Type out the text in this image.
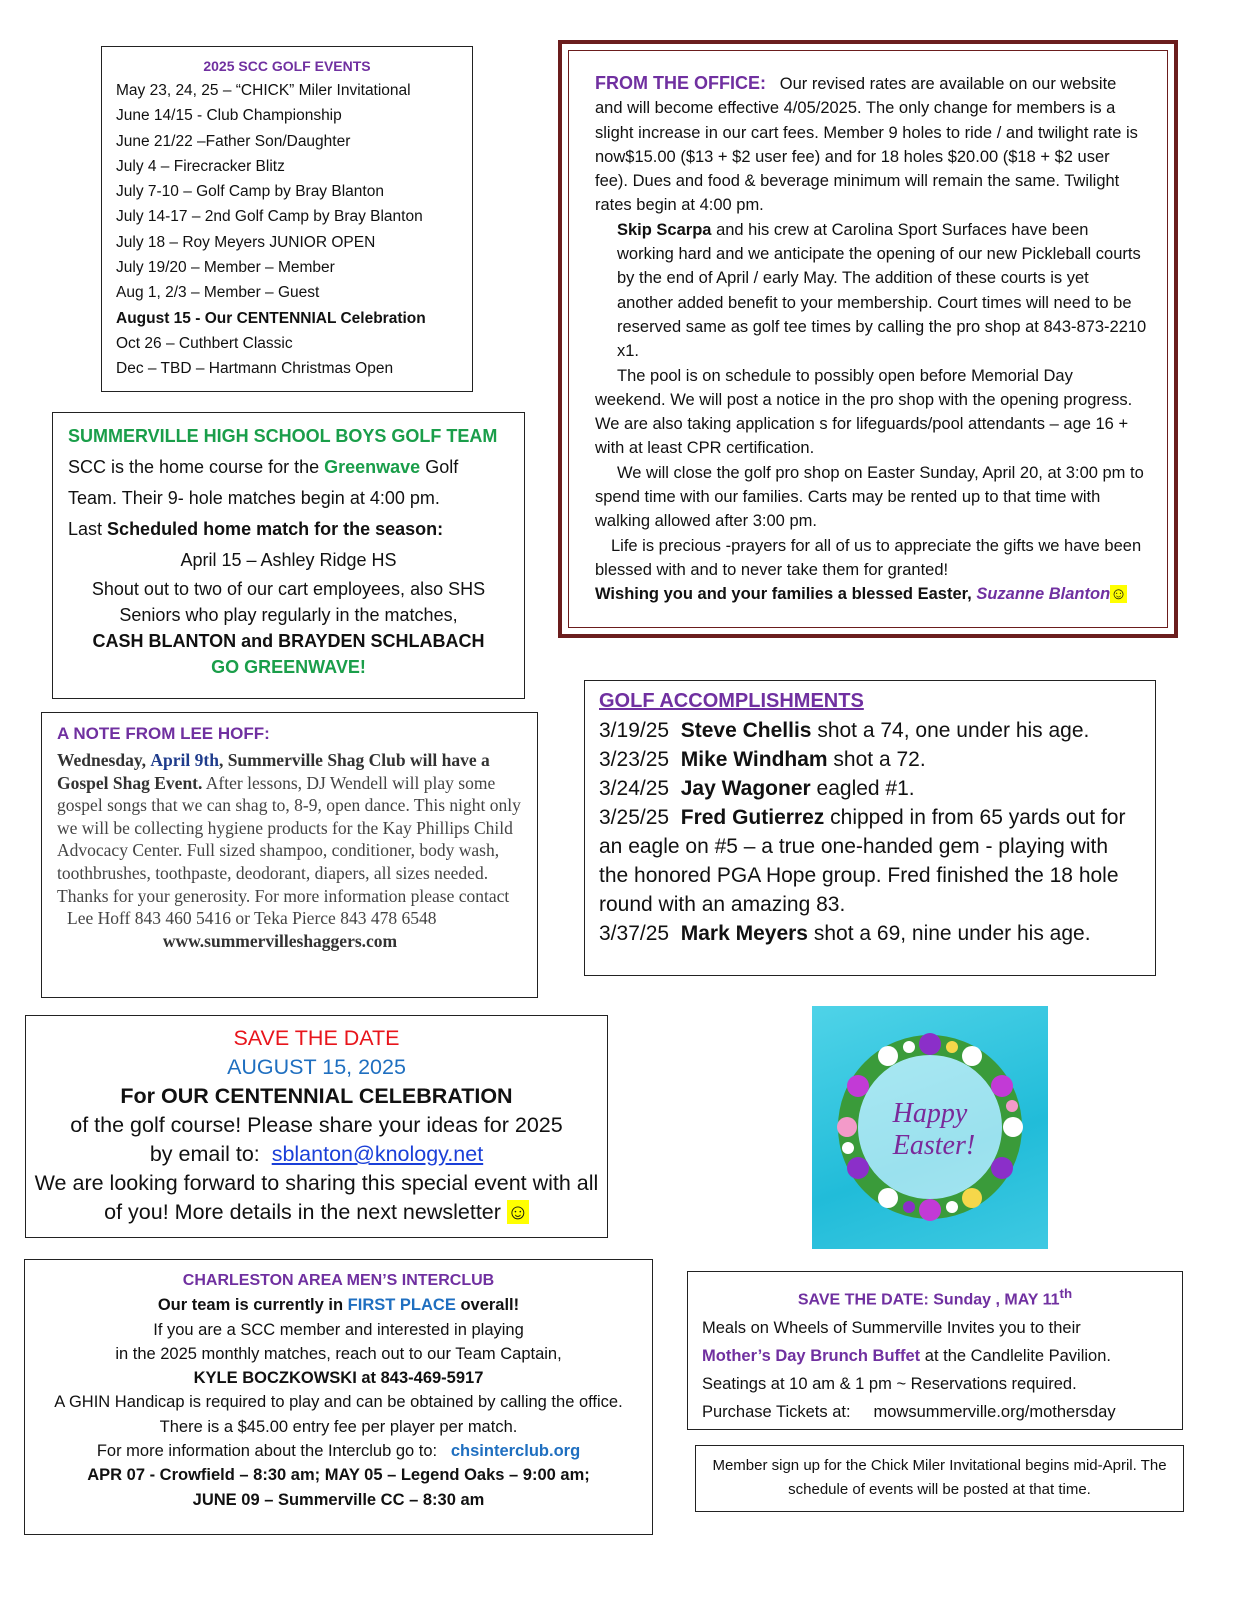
2025 SCC GOLF EVENTS
May 23, 24, 25 – “CHICK” Miler Invitational
June 14/15 - Club Championship
June 21/22 –Father Son/Daughter
July 4 – Firecracker Blitz
July 7-10 – Golf Camp by Bray Blanton
July 14-17 – 2nd Golf Camp by Bray Blanton
July 18 – Roy Meyers JUNIOR OPEN
July 19/20 – Member – Member
Aug 1, 2/3 – Member – Guest
August 15 - Our CENTENNIAL Celebration
Oct 26 – Cuthbert Classic
Dec – TBD – Hartmann Christmas Open
FROM THE OFFICE: Our revised rates are available on our website and will become effective 4/05/2025. The only change for members is a slight increase in our cart fees. Member 9 holes to ride / and twilight rate is now$15.00 ($13 + $2 user fee) and for 18 holes $20.00 ($18 + $2 user fee). Dues and food & beverage minimum will remain the same. Twilight rates begin at 4:00 pm.
Skip Scarpa and his crew at Carolina Sport Surfaces have been working hard and we anticipate the opening of our new Pickleball courts by the end of April / early May. The addition of these courts is yet another added benefit to your membership. Court times will need to be reserved same as golf tee times by calling the pro shop at 843-873-2210 x1.
The pool is on schedule to possibly open before Memorial Day weekend. We will post a notice in the pro shop with the opening progress. We are also taking application s for lifeguards/pool attendants – age 16 + with at least CPR certification.
We will close the golf pro shop on Easter Sunday, April 20, at 3:00 pm to spend time with our families. Carts may be rented up to that time with walking allowed after 3:00 pm.
Life is precious -prayers for all of us to appreciate the gifts we have been blessed with and to never take them for granted!
Wishing you and your families a blessed Easter, Suzanne Blanton☺
SUMMERVILLE HIGH SCHOOL BOYS GOLF TEAM
SCC is the home course for the Greenwave Golf Team. Their 9- hole matches begin at 4:00 pm.
Last Scheduled home match for the season:
April 15 – Ashley Ridge HS
Shout out to two of our cart employees, also SHS Seniors who play regularly in the matches,
CASH BLANTON and BRAYDEN SCHLABACH
GO GREENWAVE!
A NOTE FROM LEE HOFF:
Wednesday, April 9th, Summerville Shag Club will have a Gospel Shag Event. After lessons, DJ Wendell will play some gospel songs that we can shag to, 8-9, open dance. This night only we will be collecting hygiene products for the Kay Phillips Child Advocacy Center. Full sized shampoo, conditioner, body wash, toothbrushes, toothpaste, deodorant, diapers, all sizes needed. Thanks for your generosity. For more information please contact
Lee Hoff 843 460 5416 or Teka Pierce 843 478 6548
www.summervilleshaggers.com
GOLF ACCOMPLISHMENTS
3/19/25 Steve Chellis shot a 74, one under his age.
3/23/25 Mike Windham shot a 72.
3/24/25 Jay Wagoner eagled #1.
3/25/25 Fred Gutierrez chipped in from 65 yards out for an eagle on #5 – a true one-handed gem - playing with the honored PGA Hope group. Fred finished the 18 hole round with an amazing 83.
3/37/25 Mark Meyers shot a 69, nine under his age.
SAVE THE DATE
AUGUST 15, 2025
For OUR CENTENNIAL CELEBRATION
of the golf course! Please share your ideas for 2025
by email to: sblanton@knology.net
We are looking forward to sharing this special event with all of you! More details in the next newsletter ☺
Happy
Easter!
CHARLESTON AREA MEN’S INTERCLUB
Our team is currently in FIRST PLACE overall!
If you are a SCC member and interested in playing
in the 2025 monthly matches, reach out to our Team Captain,
KYLE BOCZKOWSKI at 843-469-5917
A GHIN Handicap is required to play and can be obtained by calling the office. There is a $45.00 entry fee per player per match.
For more information about the Interclub go to: chsinterclub.org
APR 07 - Crowfield – 8:30 am; MAY 05 – Legend Oaks – 9:00 am;
JUNE 09 – Summerville CC – 8:30 am
SAVE THE DATE: Sunday , MAY 11th
Meals on Wheels of Summerville Invites you to their
Mother’s Day Brunch Buffet at the Candlelite Pavilion.
Seatings at 10 am & 1 pm ~ Reservations required.
Purchase Tickets at: mowsummerville.org/mothersday
Member sign up for the Chick Miler Invitational begins mid-April. The schedule of events will be posted at that time.
